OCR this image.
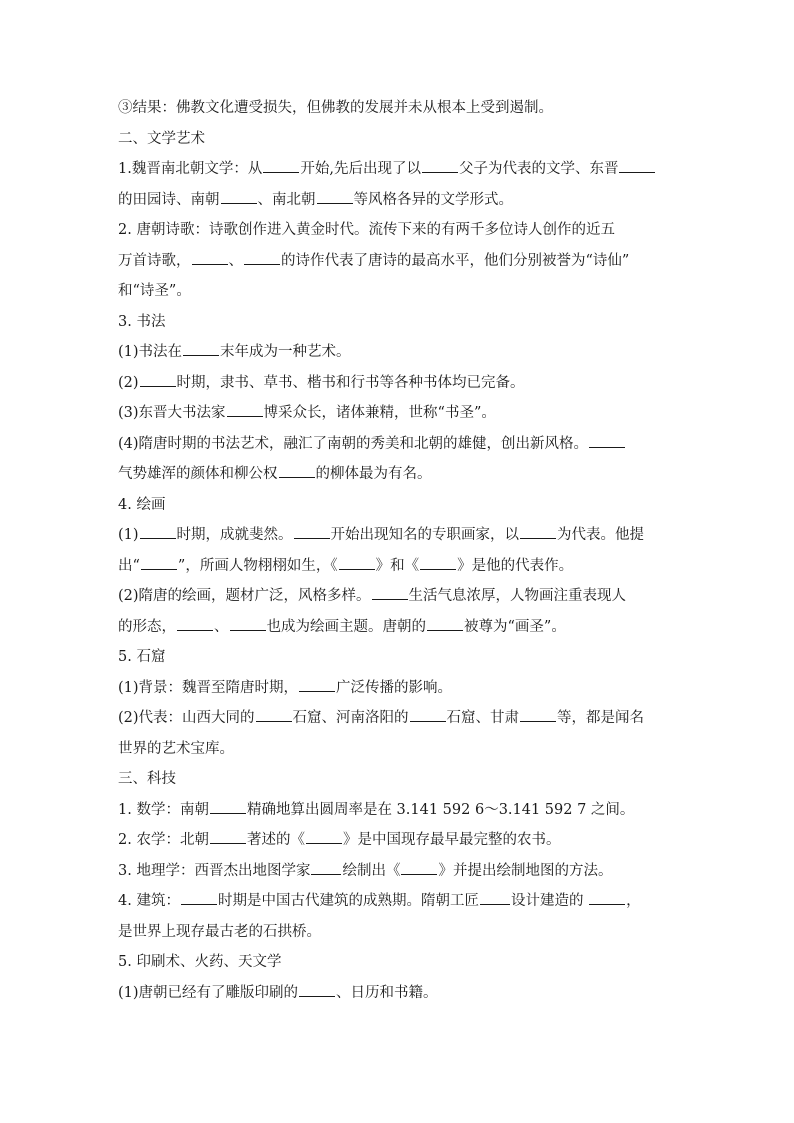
③结果：佛教文化遭受损失，但佛教的发展并未从根本上受到遏制。
二、文学艺术
1.魏晋南北朝文学：从	开始,先后出现了以	父子为代表的文学、东晋
的田园诗、南朝	、南北朝	等风格各异的文学形式。
2. 唐朝诗歌：诗歌创作进入黄金时代。流传下来的有两千多位诗人创作的近五
万首诗歌，	、	的诗作代表了唐诗的最高水平，他们分别被誉为“诗仙”
和“诗圣”。
3. 书法
(1)书法在	末年成为一种艺术。
(2)	时期，隶书、草书、楷书和行书等各种书体均已完备。
(3)东晋大书法家	博采众长，诸体兼精，世称“书圣”。
(4)隋唐时期的书法艺术，融汇了南朝的秀美和北朝的雄健，创出新风格。
气势雄浑的颜体和柳公权	的柳体最为有名。
4. 绘画
(1)	时期，成就斐然。	开始出现知名的专职画家，以	为代表。他提
出“	”，所画人物栩栩如生，《	》和《	》是他的代表作。
(2)隋唐的绘画，题材广泛，风格多样。	生活气息浓厚，人物画注重表现人
的形态，	、	也成为绘画主题。唐朝的	被尊为“画圣”。
5. 石窟
(1)背景：魏晋至隋唐时期，	广泛传播的影响。
(2)代表：山西大同的	石窟、河南洛阳的	石窟、甘肃	等，都是闻名
世界的艺术宝库。
三、科技
1. 数学：南朝	精确地算出圆周率是在 3.141 592 6～3.141 592 7 之间。
2. 农学：北朝	著述的《	》是中国现存最早最完整的农书。
3. 地理学：西晋杰出地图学家 绘制出《	》并提出绘制地图的方法。
4. 建筑：	时期是中国古代建筑的成熟期。隋朝工匠 设计建造的	，
是世界上现存最古老的石拱桥。
5. 印刷术、火药、天文学
(1)唐朝已经有了雕版印刷的	、日历和书籍。
